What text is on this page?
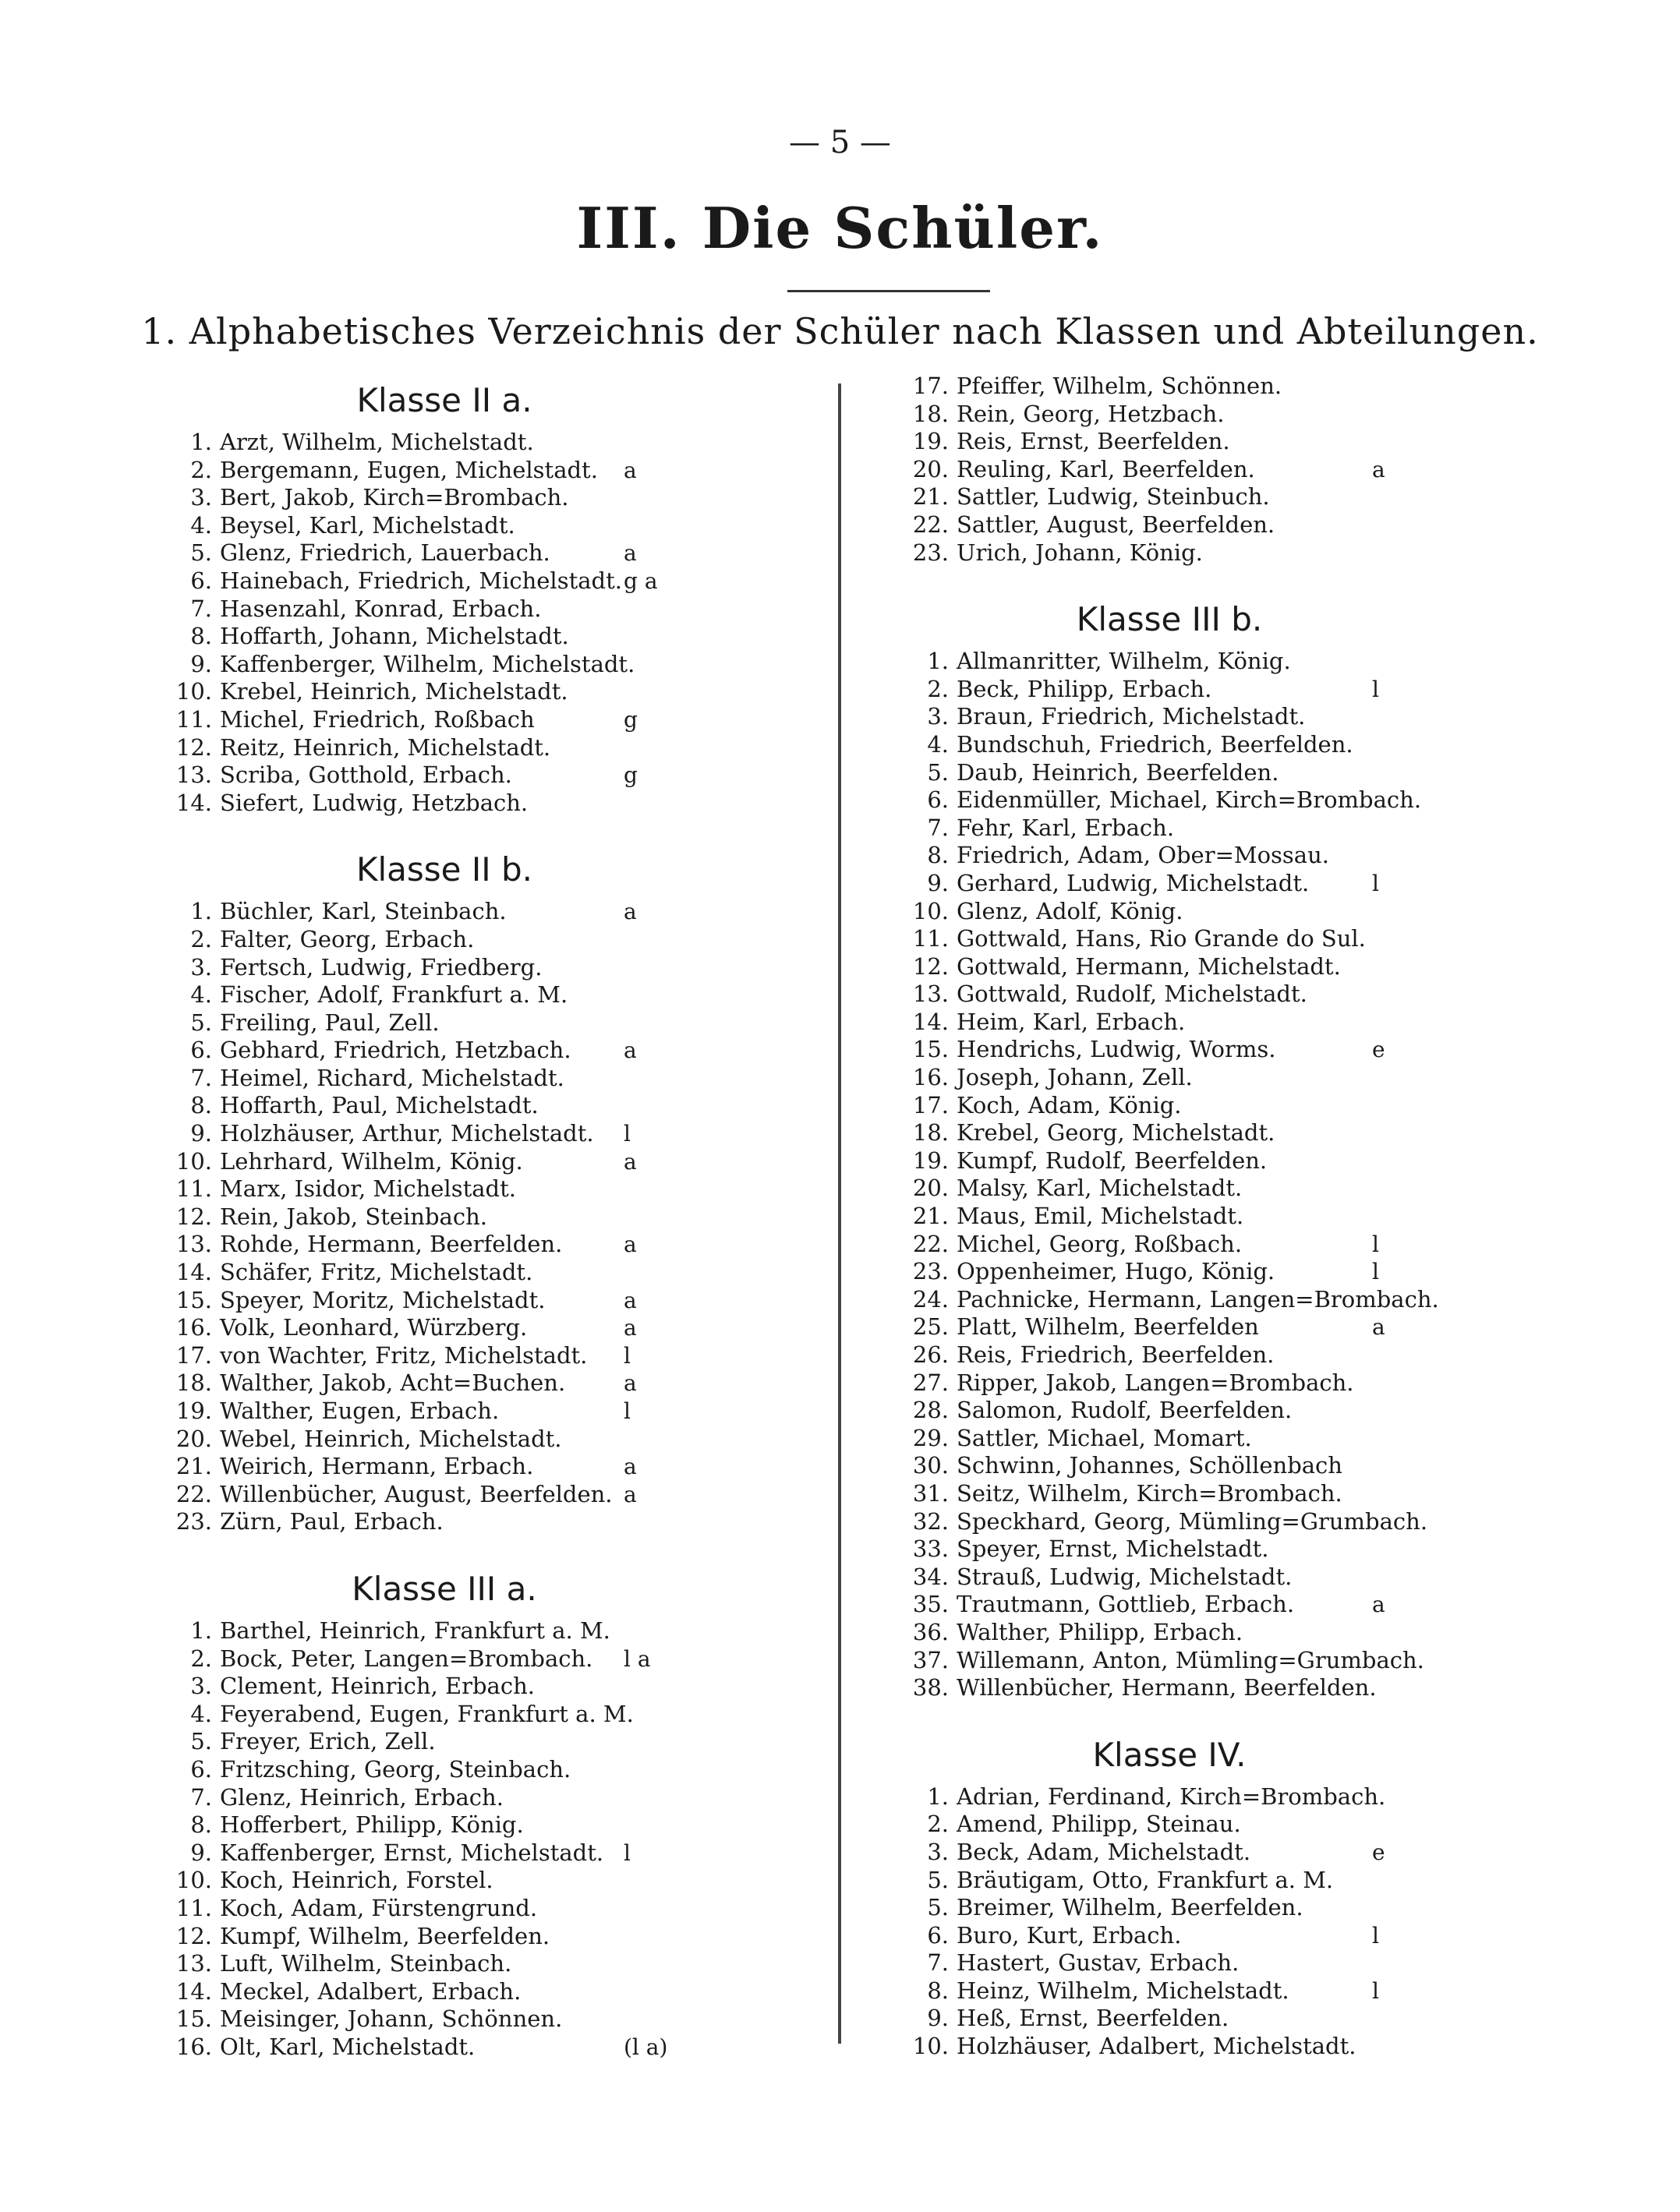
— 5 —
III. Die Schüler.
1. Alphabetisches Verzeichnis der Schüler nach Klassen und Abteilungen.
Klasse II a.
1. Arzt, Wilhelm, Michelstadt.
2. Bergemann, Eugen, Michelstadt. a
3. Bert, Jakob, Kirch=Brombach.
4. Beysel, Karl, Michelstadt.
5. Glenz, Friedrich, Lauerbach.	a
6. Hainebach, Friedrich, Michelstadt. g a
7. Hasenzahl, Konrad, Erbach.
8. Hoffarth, Johann, Michelstadt.
9. Kaffenberger, Wilhelm, Michelstadt.
10. Krebel, Heinrich, Michelstadt.
11. Michel, Friedrich, Roßbach	g
12. Reitz, Heinrich, Michelstadt.
13. Scriba, Gotthold, Erbach.	g
14. Siefert, Ludwig, Hetzbach.
Klasse II b.
1. Büchler, Karl, Steinbach.	a
2. Falter, Georg, Erbach.
3. Fertsch, Ludwig, Friedberg.
4. Fischer, Adolf, Frankfurt a. M.
5. Freiling, Paul, Zell.
6. Gebhard, Friedrich, Hetzbach. a
7. Heimel, Richard, Michelstadt.
8. Hoffarth, Paul, Michelstadt.
9. Holzhäuser, Arthur, Michelstadt. l
10. Lehrhard, Wilhelm, König.	a
11. Marx, Isidor, Michelstadt.
12. Rein, Jakob, Steinbach.
13. Rohde, Hermann, Beerfelden.	a
14. Schäfer, Fritz, Michelstadt.
15. Speyer, Moritz, Michelstadt.	a
16. Volk, Leonhard, Würzberg.	a
17. von Wachter, Fritz, Michelstadt. l
18. Walther, Jakob, Acht=Buchen.	a
19. Walther, Eugen, Erbach.	l
20. Webel, Heinrich, Michelstadt.
21. Weirich, Hermann, Erbach.	a
22. Willenbücher, August, Beerfelden. a
23. Zürn, Paul, Erbach.
Klasse III a.
1. Barthel, Heinrich, Frankfurt a. M.
2. Bock, Peter, Langen=Brombach. l a
3. Clement, Heinrich, Erbach.
4. Feyerabend, Eugen, Frankfurt a. M.
5. Freyer, Erich, Zell.
6. Fritzsching, Georg, Steinbach.
7. Glenz, Heinrich, Erbach.
8. Hofferbert, Philipp, König.
9. Kaffenberger, Ernst, Michelstadt. l
10. Koch, Heinrich, Forstel.
11. Koch, Adam, Fürstengrund.
12. Kumpf, Wilhelm, Beerfelden.
13. Luft, Wilhelm, Steinbach.
14. Meckel, Adalbert, Erbach.
15. Meisinger, Johann, Schönnen.
16. Olt, Karl, Michelstadt.	(l a)
17. Pfeiffer, Wilhelm, Schönnen.
18. Rein, Georg, Hetzbach.
19. Reis, Ernst, Beerfelden.
20. Reuling, Karl, Beerfelden.	a
21. Sattler, Ludwig, Steinbuch.
22. Sattler, August, Beerfelden.
23. Urich, Johann, König.
Klasse III b.
1. Allmanritter, Wilhelm, König.
2. Beck, Philipp, Erbach.	l
3. Braun, Friedrich, Michelstadt.
4. Bundschuh, Friedrich, Beerfelden.
5. Daub, Heinrich, Beerfelden.
6. Eidenmüller, Michael, Kirch=Brombach.
7. Fehr, Karl, Erbach.
8. Friedrich, Adam, Ober=Mossau.
9. Gerhard, Ludwig, Michelstadt.	l
10. Glenz, Adolf, König.
11. Gottwald, Hans, Rio Grande do Sul.
12. Gottwald, Hermann, Michelstadt.
13. Gottwald, Rudolf, Michelstadt.
14. Heim, Karl, Erbach.
15. Hendrichs, Ludwig, Worms.	e
16. Joseph, Johann, Zell.
17. Koch, Adam, König.
18. Krebel, Georg, Michelstadt.
19. Kumpf, Rudolf, Beerfelden.
20. Malsy, Karl, Michelstadt.
21. Maus, Emil, Michelstadt.
22. Michel, Georg, Roßbach.	l
23. Oppenheimer, Hugo, König.	l
24. Pachnicke, Hermann, Langen=Brombach.
25. Platt, Wilhelm, Beerfelden	a
26. Reis, Friedrich, Beerfelden.
27. Ripper, Jakob, Langen=Brombach.
28. Salomon, Rudolf, Beerfelden.
29. Sattler, Michael, Momart.
30. Schwinn, Johannes, Schöllenbach
31. Seitz, Wilhelm, Kirch=Brombach.
32. Speckhard, Georg, Mümling=Grumbach.
33. Speyer, Ernst, Michelstadt.
34. Strauß, Ludwig, Michelstadt.
35. Trautmann, Gottlieb, Erbach.	a
36. Walther, Philipp, Erbach.
37. Willemann, Anton, Mümling=Grumbach.
38. Willenbücher, Hermann, Beerfelden.
Klasse IV.
1. Adrian, Ferdinand, Kirch=Brombach.
2. Amend, Philipp, Steinau.
3. Beck, Adam, Michelstadt.	e
5. Bräutigam, Otto, Frankfurt a. M.
5. Breimer, Wilhelm, Beerfelden.
6. Buro, Kurt, Erbach.	l
7. Hastert, Gustav, Erbach.
8. Heinz, Wilhelm, Michelstadt.	l
9. Heß, Ernst, Beerfelden.
10. Holzhäuser, Adalbert, Michelstadt.
